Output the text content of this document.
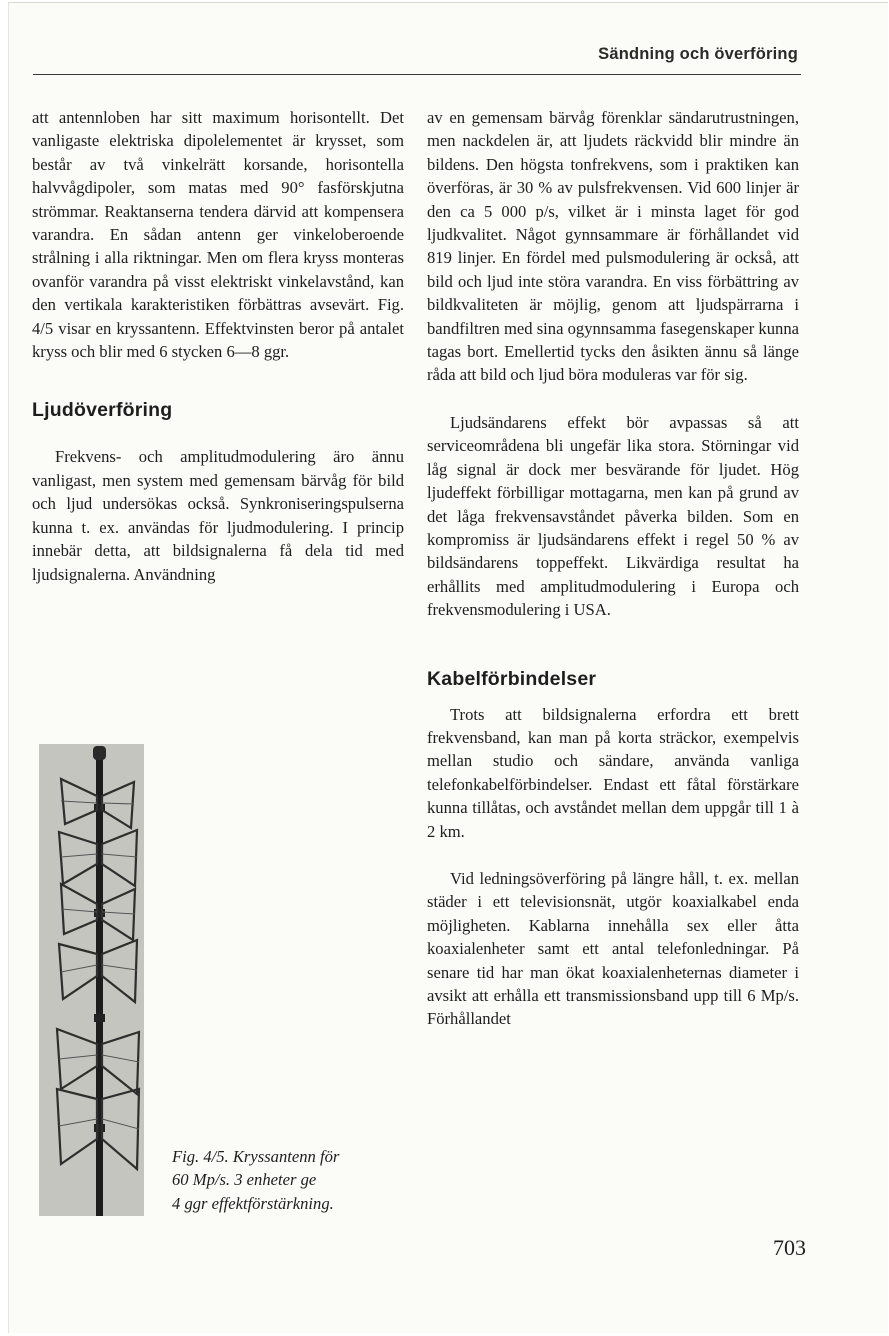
Sändning och överföring

att antennloben har sitt maximum horisontellt. Det vanligaste elektriska dipolelementet är krysset, som består av två vinkelrätt korsande, horisontella halvvågdipoler, som matas med 90° fasförskjutna strömmar. Reaktanserna tendera därvid att kompensera varandra. En sådan antenn ger vinkeloberoende strålning i alla riktningar. Men om flera kryss monteras ovanför varandra på visst elektriskt vinkelavstånd, kan den vertikala karakteristiken förbättras avsevärt. Fig. 4/5 visar en kryssantenn. Effektvinsten beror på antalet kryss och blir med 6 stycken 6—8 ggr.

Ljudöverföring

Frekvens- och amplitudmodulering äro ännu vanligast, men system med gemensam bärvåg för bild och ljud undersökas också. Synkroniseringspulserna kunna t. ex. användas för ljudmodulering. I princip innebär detta, att bildsignalerna få dela tid med ljudsignalerna. Användning

Fig. 4/5. Kryssantenn för
60 Mp/s. 3 enheter ge
4 ggr effektförstärkning.

av en gemensam bärvåg förenklar sändarutrustningen, men nackdelen är, att ljudets räckvidd blir mindre än bildens. Den högsta tonfrekvens, som i praktiken kan överföras, är 30 % av pulsfrekvensen. Vid 600 linjer är den ca 5 000 p/s, vilket är i minsta laget för god ljudkvalitet. Något gynnsammare är förhållandet vid 819 linjer. En fördel med pulsmodulering är också, att bild och ljud inte störa varandra. En viss förbättring av bildkvaliteten är möjlig, genom att ljudspärrarna i bandfiltren med sina ogynnsamma fasegenskaper kunna tagas bort. Emellertid tycks den åsikten ännu så länge råda att bild och ljud böra moduleras var för sig.

Ljudsändarens effekt bör avpassas så att serviceområdena bli ungefär lika stora. Störningar vid låg signal är dock mer besvärande för ljudet. Hög ljudeffekt förbilligar mottagarna, men kan på grund av det låga frekvensavståndet påverka bilden. Som en kompromiss är ljudsändarens effekt i regel 50 % av bildsändarens toppeffekt. Likvärdiga resultat ha erhållits med amplitudmodulering i Europa och frekvensmodulering i USA.

Kabelförbindelser

Trots att bildsignalerna erfordra ett brett frekvensband, kan man på korta sträckor, exempelvis mellan studio och sändare, använda vanliga telefonkabelförbindelser. Endast ett fåtal förstärkare kunna tillåtas, och avståndet mellan dem uppgår till 1 à 2 km.

Vid ledningsöverföring på längre håll, t. ex. mellan städer i ett televisionsnät, utgör koaxialkabel enda möjligheten. Kablarna innehålla sex eller åtta koaxialenheter samt ett antal telefonledningar. På senare tid har man ökat koaxialenheternas diameter i avsikt att erhålla ett transmissionsband upp till 6 Mp/s. Förhållandet

703
